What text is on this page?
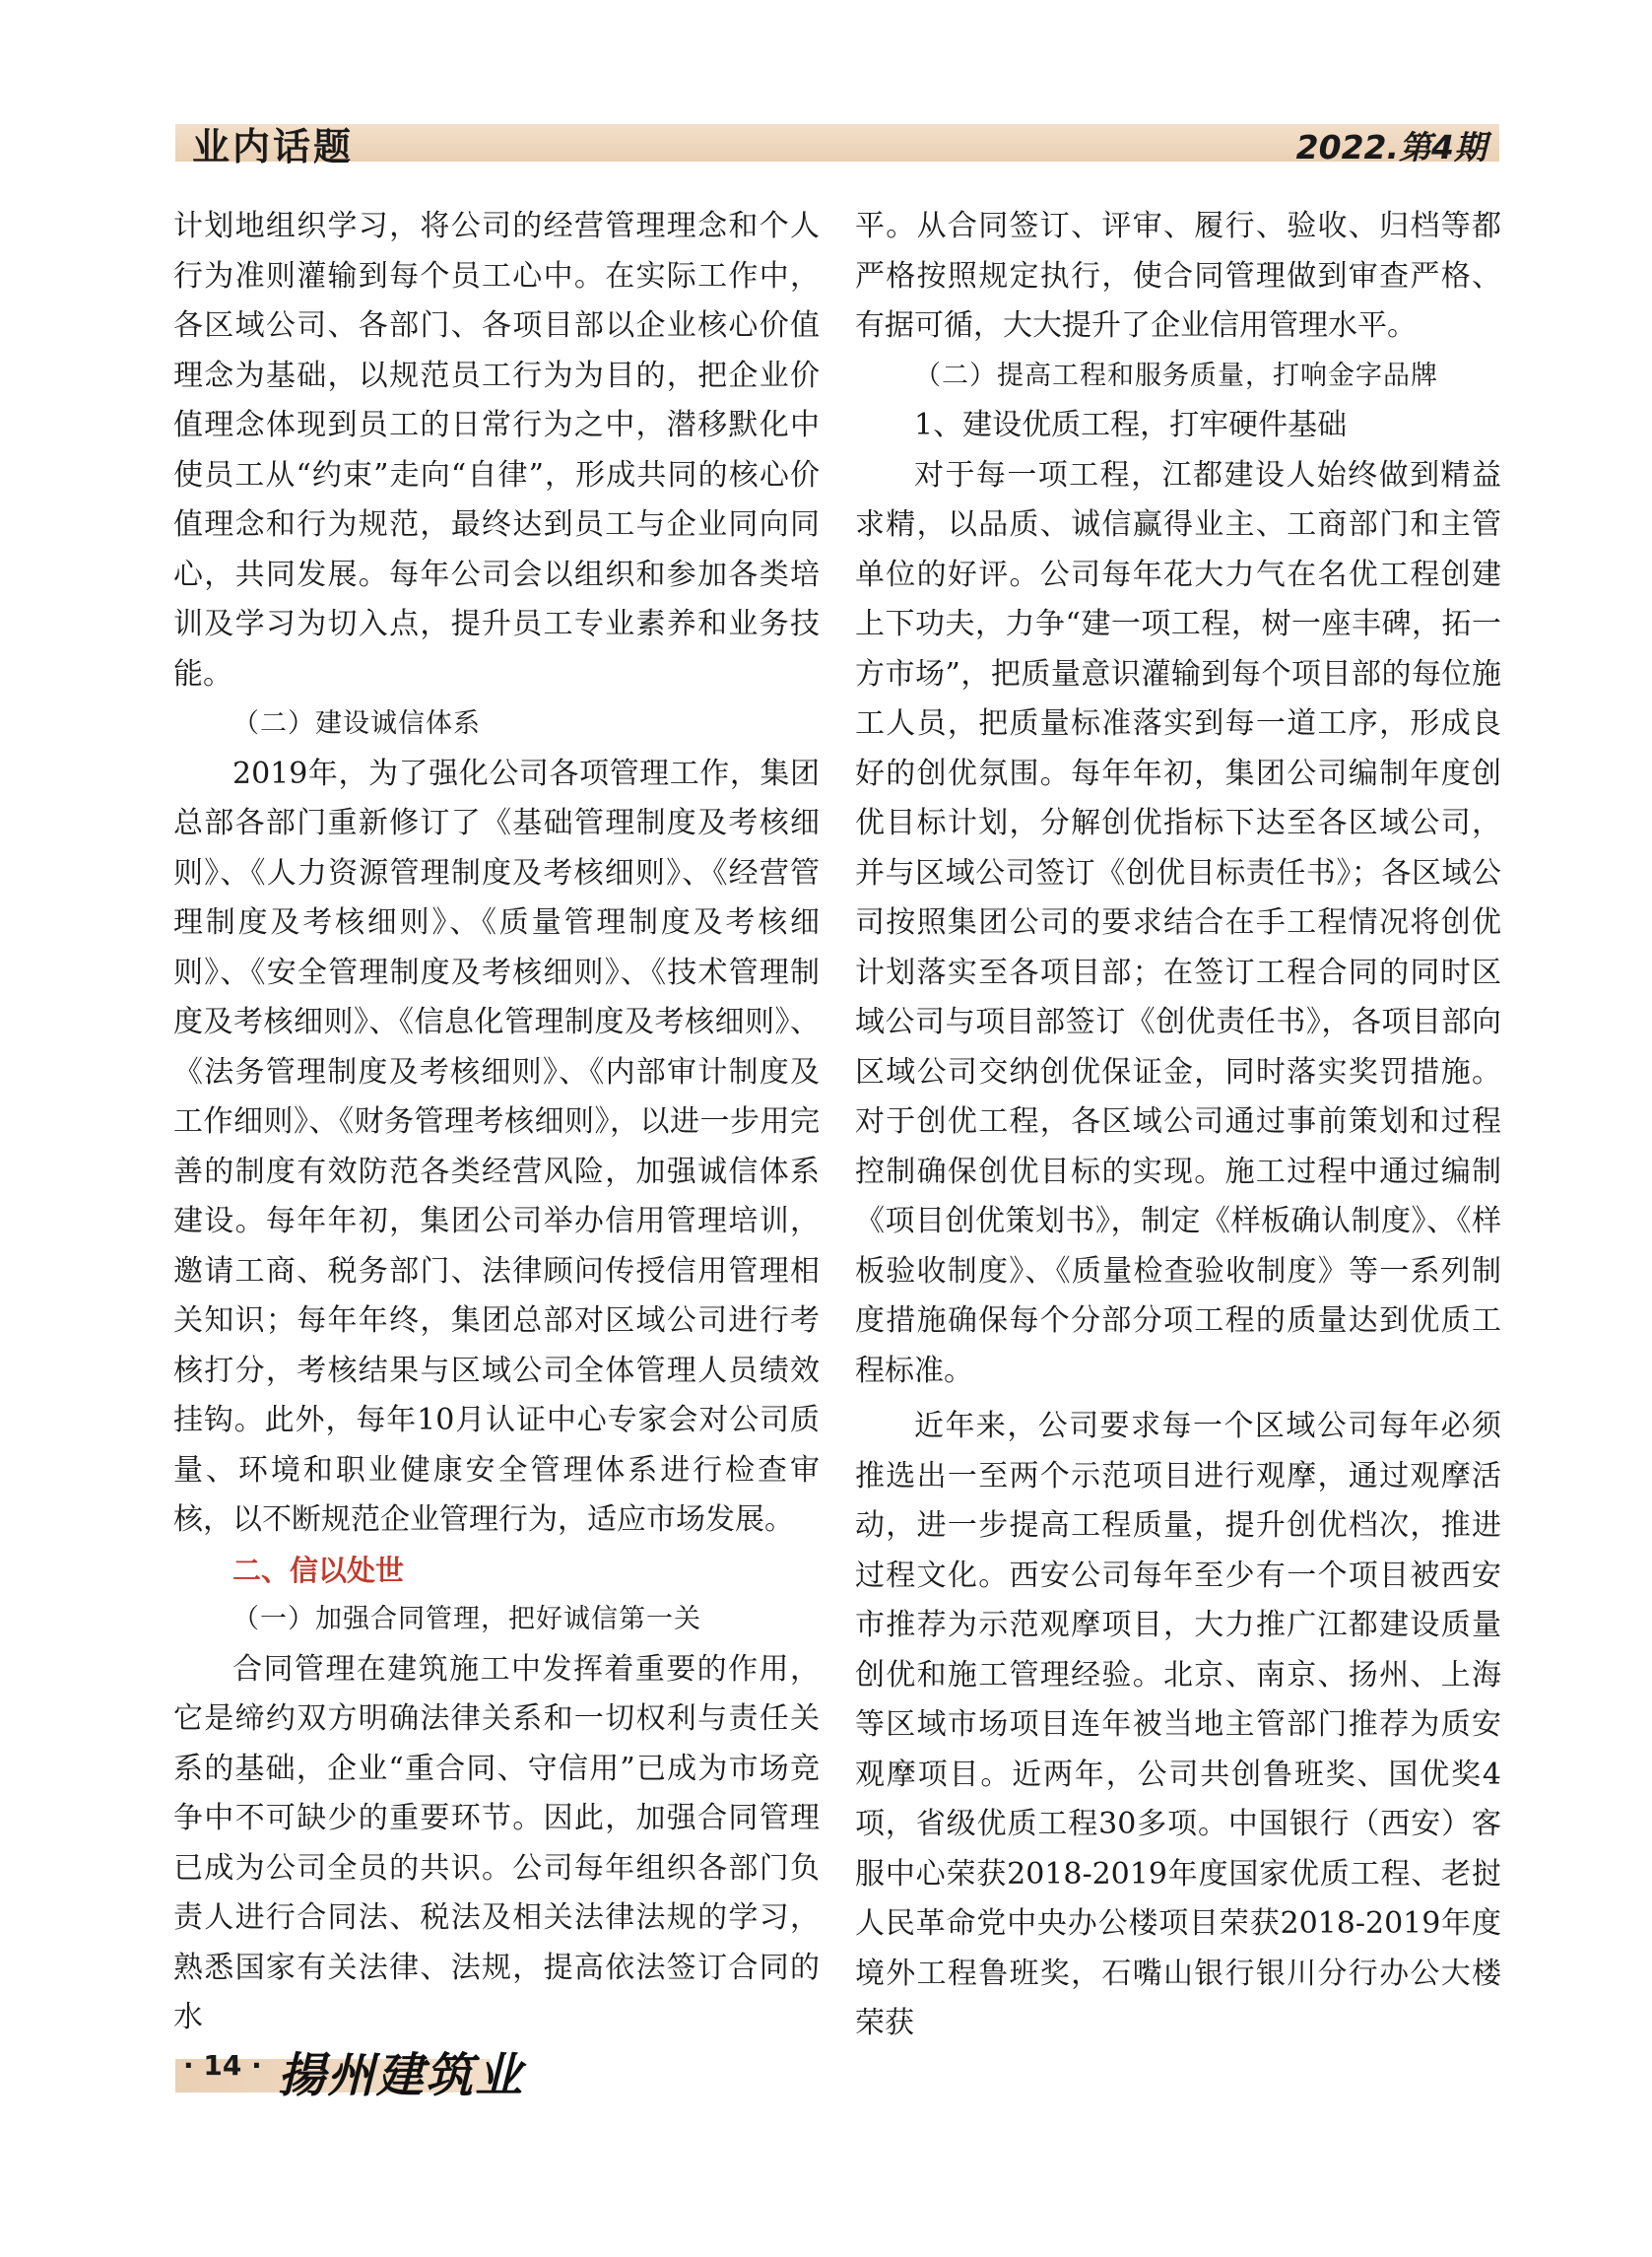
业内话题	2022.第4期

计划地组织学习，将公司的经营管理理念和个人行为准则灌输到每个员工心中。在实际工作中，各区域公司、各部门、各项目部以企业核心价值理念为基础，以规范员工行为为目的，把企业价值理念体现到员工的日常行为之中，潜移默化中使员工从“约束”走向“自律”，形成共同的核心价值理念和行为规范，最终达到员工与企业同向同心，共同发展。每年公司会以组织和参加各类培训及学习为切入点，提升员工专业素养和业务技能。

（二）建设诚信体系

2019年，为了强化公司各项管理工作，集团总部各部门重新修订了《基础管理制度及考核细则》、《人力资源管理制度及考核细则》、《经营管理制度及考核细则》、《质量管理制度及考核细则》、《安全管理制度及考核细则》、《技术管理制度及考核细则》、《信息化管理制度及考核细则》、《法务管理制度及考核细则》、《内部审计制度及工作细则》、《财务管理考核细则》，以进一步用完善的制度有效防范各类经营风险，加强诚信体系建设。每年年初，集团公司举办信用管理培训，邀请工商、税务部门、法律顾问传授信用管理相关知识；每年年终，集团总部对区域公司进行考核打分，考核结果与区域公司全体管理人员绩效挂钩。此外，每年10月认证中心专家会对公司质量、环境和职业健康安全管理体系进行检查审核，以不断规范企业管理行为，适应市场发展。

二、信以处世

（一）加强合同管理，把好诚信第一关

合同管理在建筑施工中发挥着重要的作用，它是缔约双方明确法律关系和一切权利与责任关系的基础，企业“重合同、守信用”已成为市场竞争中不可缺少的重要环节。因此，加强合同管理已成为公司全员的共识。公司每年组织各部门负责人进行合同法、税法及相关法律法规的学习，熟悉国家有关法律、法规，提高依法签订合同的水

平。从合同签订、评审、履行、验收、归档等都严格按照规定执行，使合同管理做到审查严格、有据可循，大大提升了企业信用管理水平。

（二）提高工程和服务质量，打响金字品牌

1、建设优质工程，打牢硬件基础

对于每一项工程，江都建设人始终做到精益求精，以品质、诚信赢得业主、工商部门和主管单位的好评。公司每年花大力气在名优工程创建上下功夫，力争“建一项工程，树一座丰碑，拓一方市场”，把质量意识灌输到每个项目部的每位施工人员，把质量标准落实到每一道工序，形成良好的创优氛围。每年年初，集团公司编制年度创优目标计划，分解创优指标下达至各区域公司，并与区域公司签订《创优目标责任书》；各区域公司按照集团公司的要求结合在手工程情况将创优计划落实至各项目部；在签订工程合同的同时区域公司与项目部签订《创优责任书》，各项目部向区域公司交纳创优保证金，同时落实奖罚措施。对于创优工程，各区域公司通过事前策划和过程控制确保创优目标的实现。施工过程中通过编制《项目创优策划书》，制定《样板确认制度》、《样板验收制度》、《质量检查验收制度》等一系列制度措施确保每个分部分项工程的质量达到优质工程标准。

近年来，公司要求每一个区域公司每年必须推选出一至两个示范项目进行观摩，通过观摩活动，进一步提高工程质量，提升创优档次，推进过程文化。西安公司每年至少有一个项目被西安市推荐为示范观摩项目，大力推广江都建设质量创优和施工管理经验。北京、南京、扬州、上海等区域市场项目连年被当地主管部门推荐为质安观摩项目。近两年，公司共创鲁班奖、国优奖4项，省级优质工程30多项。中国银行（西安）客服中心荣获2018-2019年度国家优质工程、老挝人民革命党中央办公楼项目荣获2018-2019年度境外工程鲁班奖，石嘴山银行银川分行办公大楼荣获

· 14 · 揚州建筑业
